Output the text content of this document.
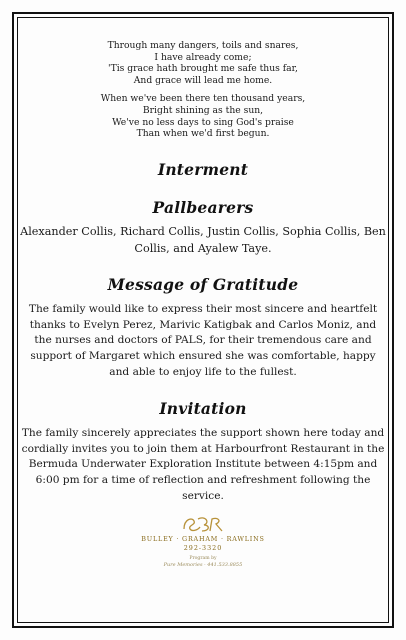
Through many dangers, toils and snares,

I have already come;

'Tis grace hath brought me safe thus far,

And grace will lead me home.

When we've been there ten thousand years,

Bright shining as the sun,

We've no less days to sing God's praise

Than when we'd first begun.

Interment
Pallbearers

Alexander Collis, Richard Collis, Justin Collis, Sophia Collis, Ben Collis, and Ayalew Taye.

Message of Gratitude

The family would like to express their most sincere and heartfelt thanks to Evelyn Perez, Marivic Katigbak and Carlos Moniz, and the nurses and doctors of PALS, for their tremendous care and support of Margaret which ensured she was comfortable, happy and able to enjoy life to the fullest.

Invitation

The family sincerely appreciates the support shown here today and cordially invites you to join them at Harbourfront Restaurant in the Bermuda Underwater Exploration Institute between 4:15pm and 6:00 pm for a time of reflection and refreshment following the service.

BULLEY · GRAHAM · RAWLINS
292-3320
Program by
Pure Memories · 441.533.8855
